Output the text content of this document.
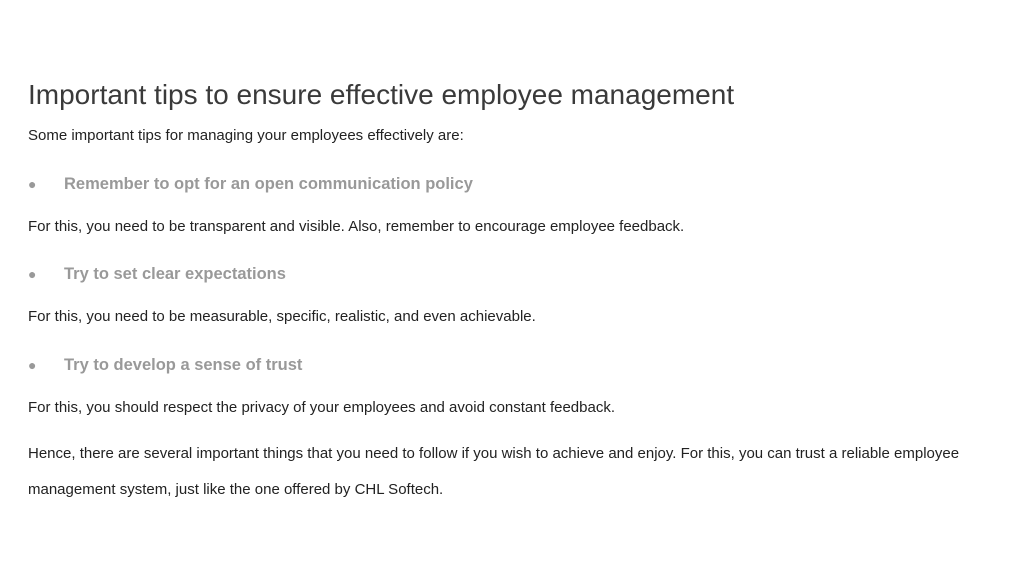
Important tips to ensure effective employee management

Some important tips for managing your employees effectively are:

● Remember to opt for an open communication policy

For this, you need to be transparent and visible. Also, remember to encourage employee feedback.

● Try to set clear expectations

For this, you need to be measurable, specific, realistic, and even achievable.

● Try to develop a sense of trust

For this, you should respect the privacy of your employees and avoid constant feedback.

Hence, there are several important things that you need to follow if you wish to achieve and enjoy. For this, you can trust a reliable employee
management system, just like the one offered by CHL Softech.
